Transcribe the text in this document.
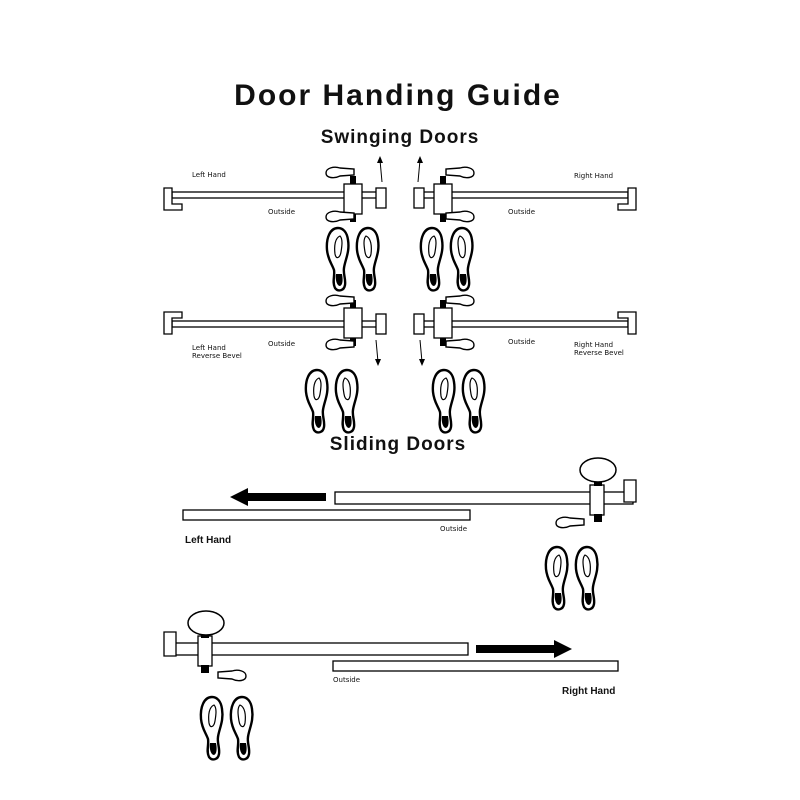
Door Handing Guide
Swinging Doors
Left Hand
Outside
Right Hand
Outside
Outside
Left Hand
Reverse Bevel
Outside	Right Hand
Reverse Bevel
Sliding Doors
Outside
Left Hand
Outside
Right Hand
